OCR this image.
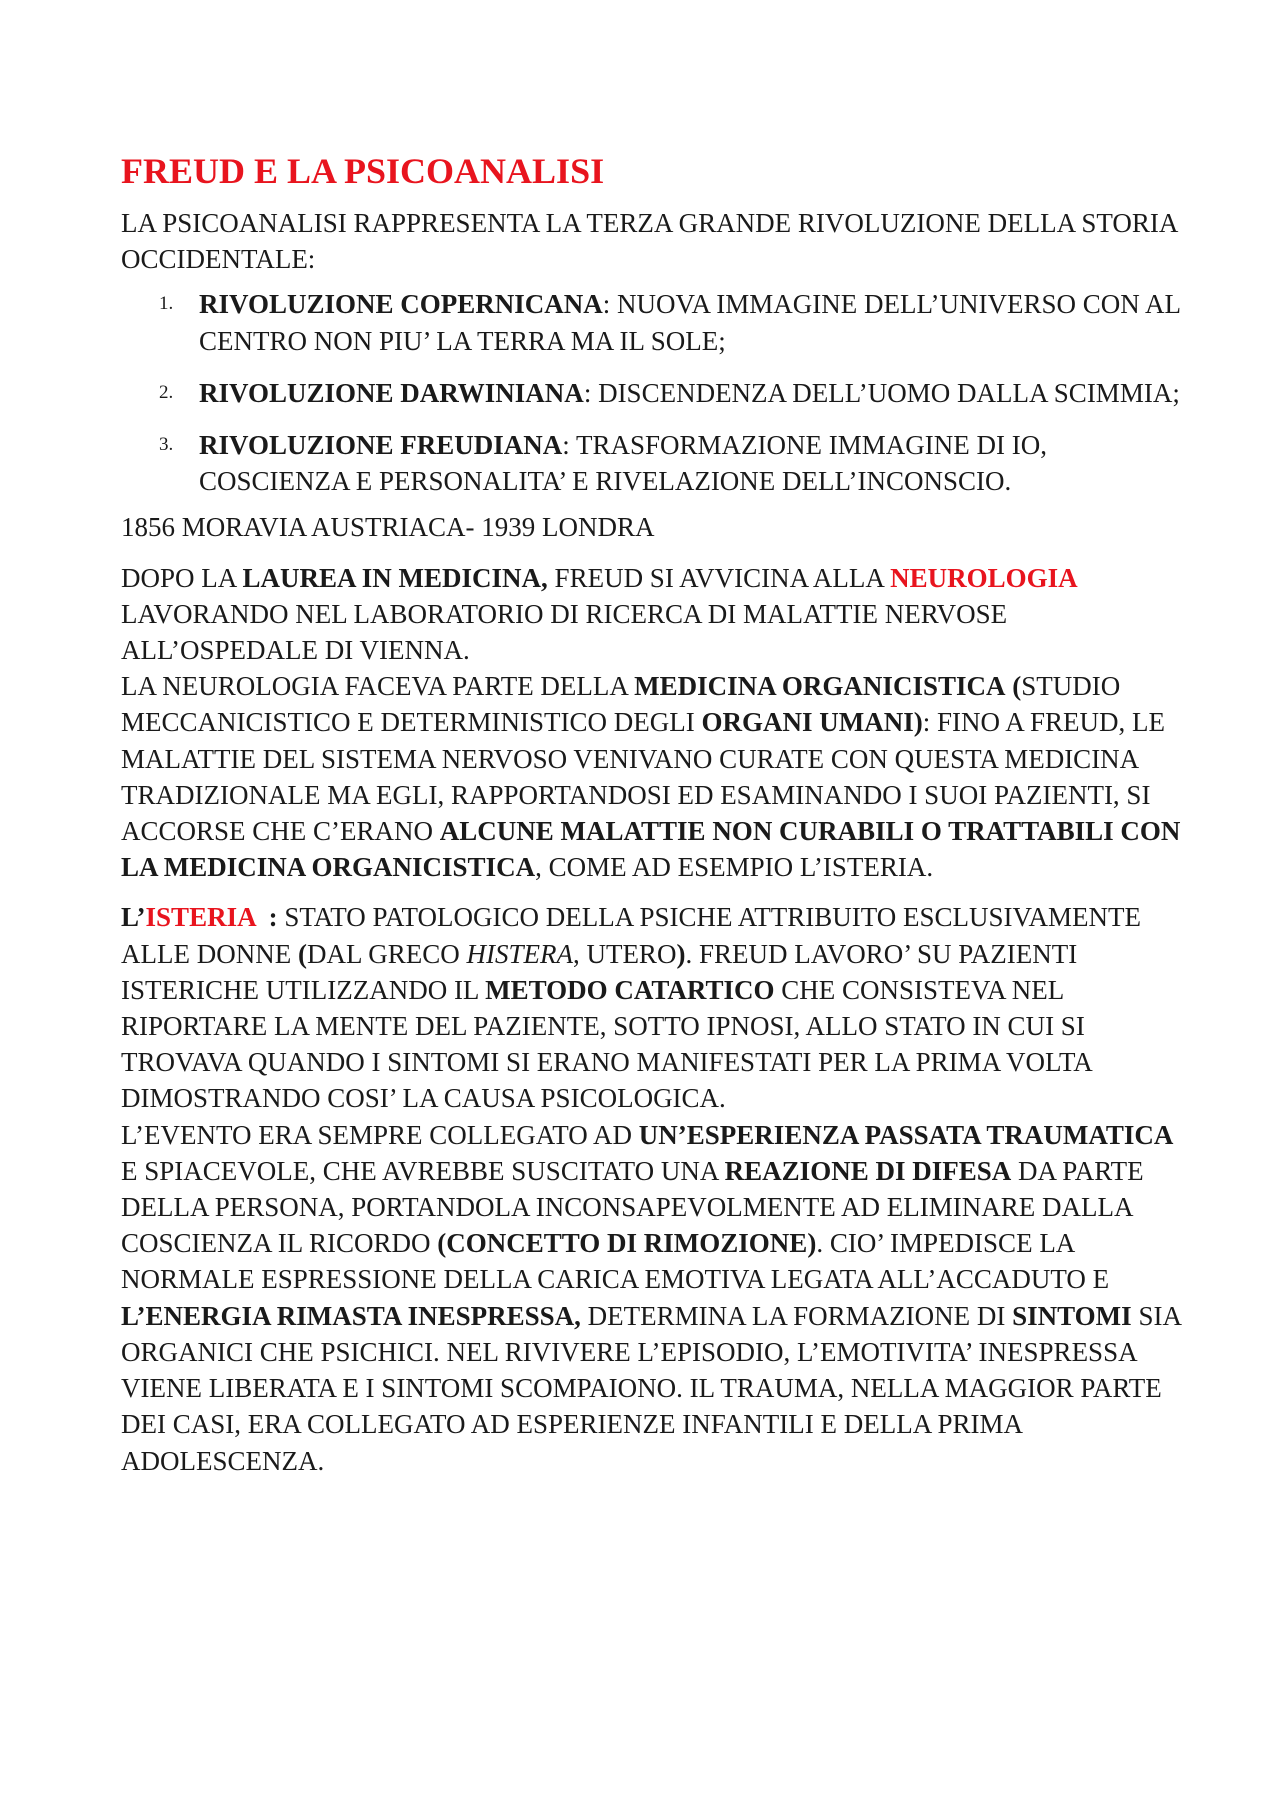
FREUD E LA PSICOANALISI

LA PSICOANALISI RAPPRESENTA LA TERZA GRANDE RIVOLUZIONE DELLA STORIA OCCIDENTALE:

1. RIVOLUZIONE COPERNICANA: NUOVA IMMAGINE DELL’UNIVERSO CON AL CENTRO NON PIU’ LA TERRA MA IL SOLE;
2. RIVOLUZIONE DARWINIANA: DISCENDENZA DELL’UOMO DALLA SCIMMIA;
3. RIVOLUZIONE FREUDIANA: TRASFORMAZIONE IMMAGINE DI IO, COSCIENZA E PERSONALITA’ E RIVELAZIONE DELL’INCONSCIO.

1856 MORAVIA AUSTRIACA- 1939 LONDRA

DOPO LA LAUREA IN MEDICINA, FREUD SI AVVICINA ALLA NEUROLOGIA LAVORANDO NEL LABORATORIO DI RICERCA DI MALATTIE NERVOSE ALL’OSPEDALE DI VIENNA.
LA NEUROLOGIA FACEVA PARTE DELLA MEDICINA ORGANICISTICA (STUDIO MECCANICISTICO E DETERMINISTICO DEGLI ORGANI UMANI): FINO A FREUD, LE MALATTIE DEL SISTEMA NERVOSO VENIVANO CURATE CON QUESTA MEDICINA TRADIZIONALE MA EGLI, RAPPORTANDOSI ED ESAMINANDO I SUOI PAZIENTI, SI ACCORSE CHE C’ERANO ALCUNE MALATTIE NON CURABILI O TRATTABILI CON LA MEDICINA ORGANICISTICA, COME AD ESEMPIO L’ISTERIA.

L’ISTERIA  : STATO PATOLOGICO DELLA PSICHE ATTRIBUITO ESCLUSIVAMENTE ALLE DONNE (DAL GRECO HISTERA, UTERO). FREUD LAVORO’ SU PAZIENTI ISTERICHE UTILIZZANDO IL METODO CATARTICO CHE CONSISTEVA NEL RIPORTARE LA MENTE DEL PAZIENTE, SOTTO IPNOSI, ALLO STATO IN CUI SI TROVAVA QUANDO I SINTOMI SI ERANO MANIFESTATI PER LA PRIMA VOLTA DIMOSTRANDO COSI’ LA CAUSA PSICOLOGICA.
L’EVENTO ERA SEMPRE COLLEGATO AD UN’ESPERIENZA PASSATA TRAUMATICA E SPIACEVOLE, CHE AVREBBE SUSCITATO UNA REAZIONE DI DIFESA DA PARTE DELLA PERSONA, PORTANDOLA INCONSAPEVOLMENTE AD ELIMINARE DALLA COSCIENZA IL RICORDO (CONCETTO DI RIMOZIONE). CIO’ IMPEDISCE LA NORMALE ESPRESSIONE DELLA CARICA EMOTIVA LEGATA ALL’ACCADUTO E L’ENERGIA RIMASTA INESPRESSA, DETERMINA LA FORMAZIONE DI SINTOMI SIA ORGANICI CHE PSICHICI. NEL RIVIVERE L’EPISODIO, L’EMOTIVITA’ INESPRESSA VIENE LIBERATA E I SINTOMI SCOMPAIONO. IL TRAUMA, NELLA MAGGIOR PARTE DEI CASI, ERA COLLEGATO AD ESPERIENZE INFANTILI E DELLA PRIMA ADOLESCENZA.
